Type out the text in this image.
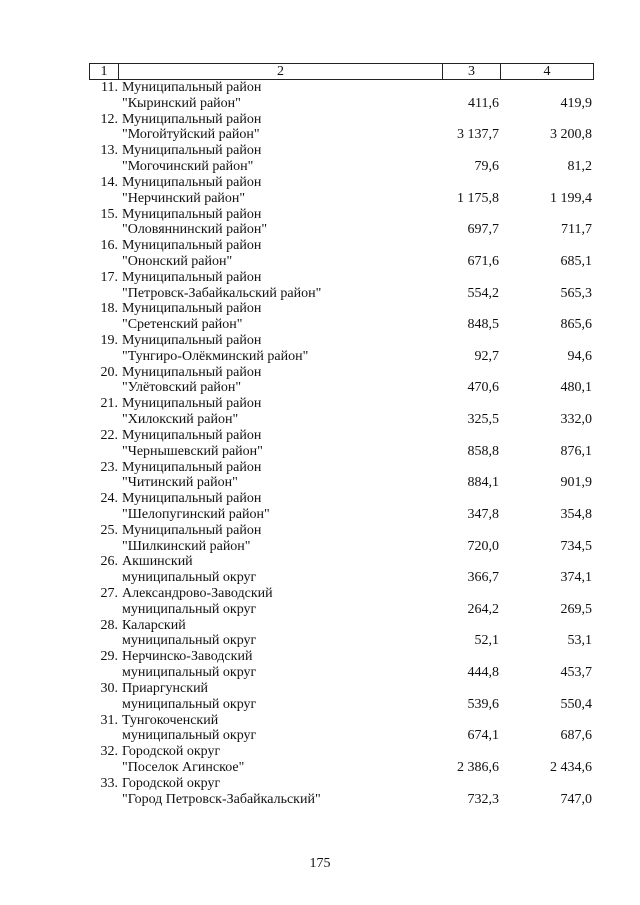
1	2	3	4
11. Муниципальный район
"Кыринский район"	411,6	419,9
12. Муниципальный район
"Могойтуйский район"	3 137,7	3 200,8
13. Муниципальный район
"Могочинский район"	79,6	81,2
14. Муниципальный район
"Нерчинский район"	1 175,8	1 199,4
15. Муниципальный район
"Оловяннинский район"	697,7	711,7
16. Муниципальный район
"Ононский район"	671,6	685,1
17. Муниципальный район
"Петровск-Забайкальский район"	554,2	565,3
18. Муниципальный район
"Сретенский район"	848,5	865,6
19. Муниципальный район
"Тунгиро-Олёкминский район"	92,7	94,6
20. Муниципальный район
"Улётовский район"	470,6	480,1
21. Муниципальный район
"Хилокский район"	325,5	332,0
22. Муниципальный район
"Чернышевский район"	858,8	876,1
23. Муниципальный район
"Читинский район"	884,1	901,9
24. Муниципальный район
"Шелопугинский район"	347,8	354,8
25. Муниципальный район
"Шилкинский район"	720,0	734,5
26. Акшинский
муниципальный округ	366,7	374,1
27. Александрово-Заводский
муниципальный округ	264,2	269,5
28. Каларский
муниципальный округ	52,1	53,1
29. Нерчинско-Заводский
муниципальный округ	444,8	453,7
30. Приаргунский
муниципальный округ	539,6	550,4
31. Тунгокоченский
муниципальный округ	674,1	687,6
32. Городской округ
"Поселок Агинское"	2 386,6	2 434,6
33. Городской округ
"Город Петровск-Забайкальский"	732,3	747,0
175
